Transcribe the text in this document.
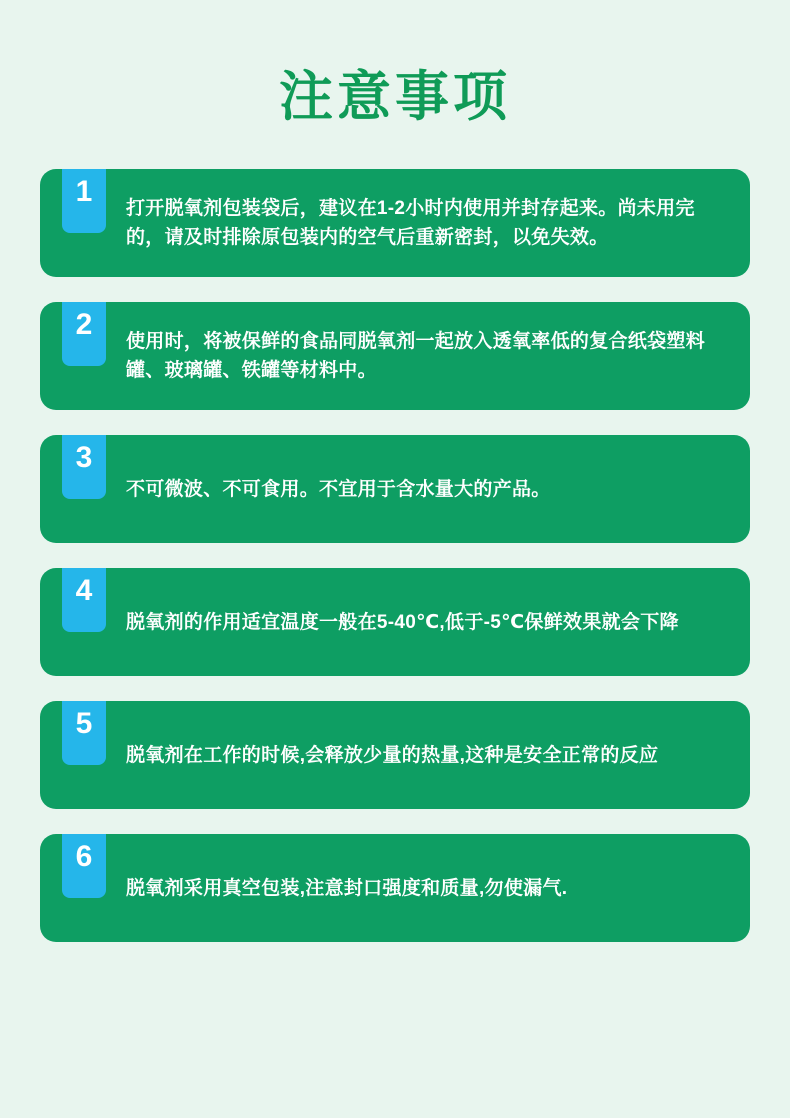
注意事项
1
打开脱氧剂包装袋后，建议在1-2小时内使用并封存起来。尚未用完的，请及时排除原包装内的空气后重新密封，以免失效。
2
使用时，将被保鲜的食品同脱氧剂一起放入透氧率低的复合纸袋塑料罐、玻璃罐、铁罐等材料中。
3
不可微波、不可食用。不宜用于含水量大的产品。
4
脱氧剂的作用适宜温度一般在5-40℃,低于-5℃保鲜效果就会下降
5
脱氧剂在工作的时候,会释放少量的热量,这种是安全正常的反应
6
脱氧剂采用真空包装,注意封口强度和质量,勿使漏气.
